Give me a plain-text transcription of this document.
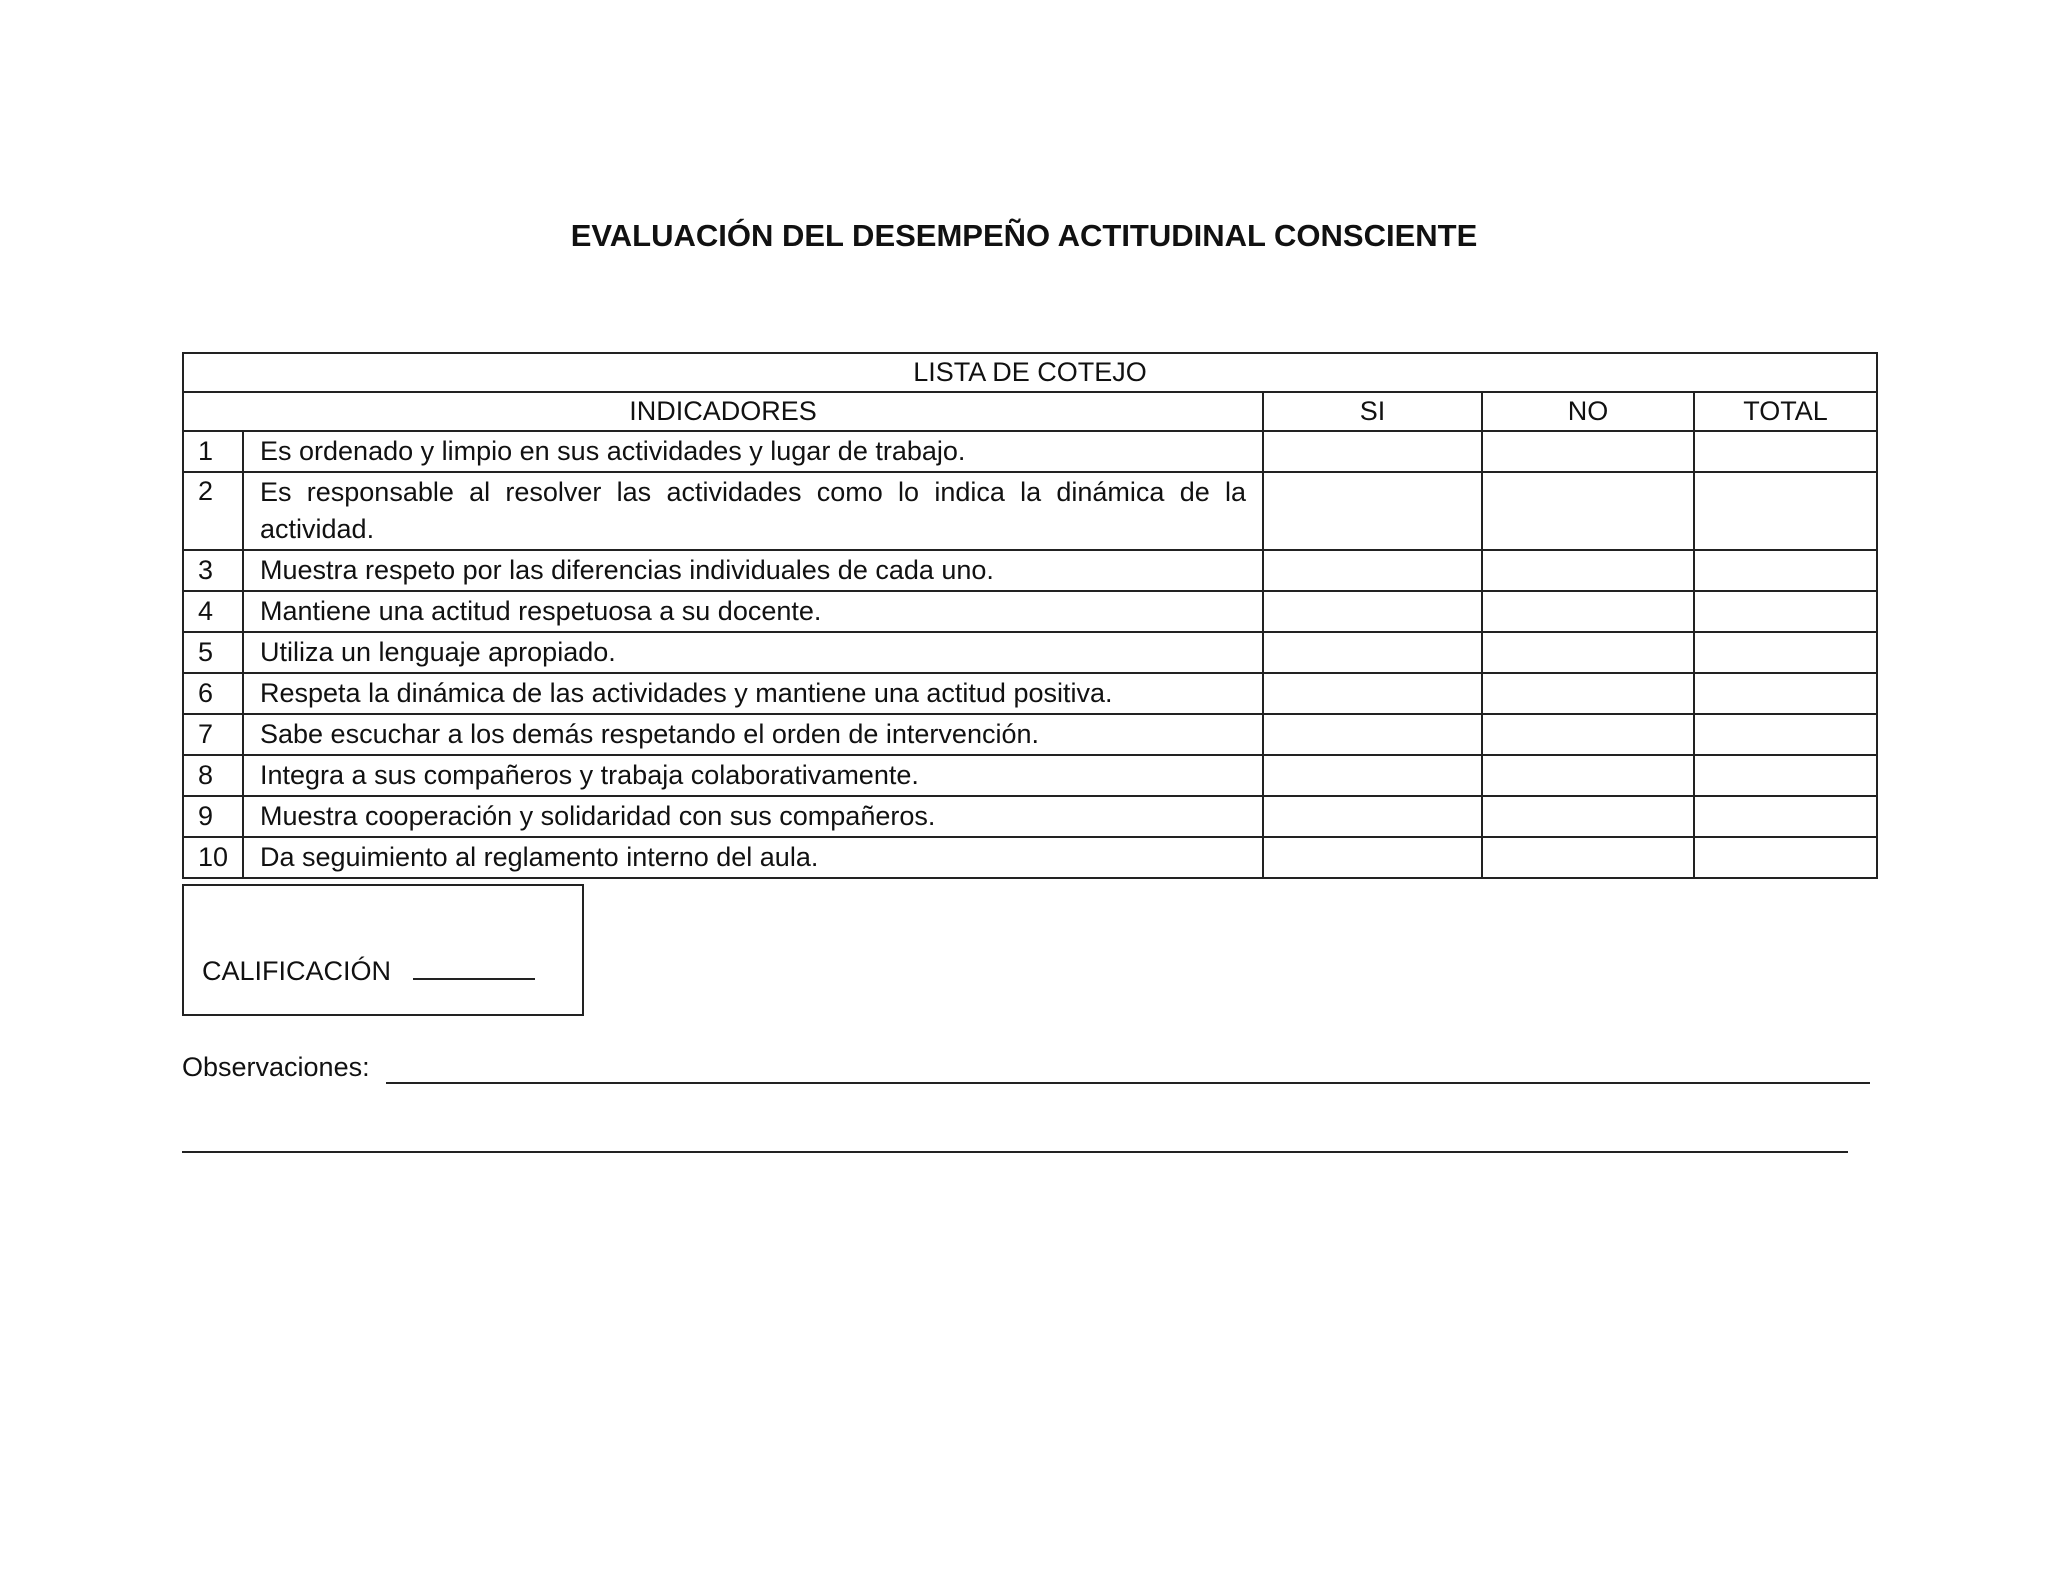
EVALUACIÓN DEL DESEMPEÑO ACTITUDINAL CONSCIENTE
LISTA DE COTEJO				
INDICADORES		SI	NO	TOTAL
1	Es ordenado y limpio en sus actividades y lugar de trabajo.			
2	Es responsable al resolver las actividades como lo indica la dinámica de la actividad.			
3	Muestra respeto por las diferencias individuales de cada uno.			
4	Mantiene una actitud respetuosa a su docente.			
5	Utiliza un lenguaje apropiado.			
6	Respeta la dinámica de las actividades y mantiene una actitud positiva.			
7	Sabe escuchar a los demás respetando el orden de intervención.			
8	Integra a sus compañeros y trabaja colaborativamente.			
9	Muestra cooperación y solidaridad con sus compañeros.			
10	Da seguimiento al reglamento interno del aula.			
CALIFICACIÓN
Observaciones:
